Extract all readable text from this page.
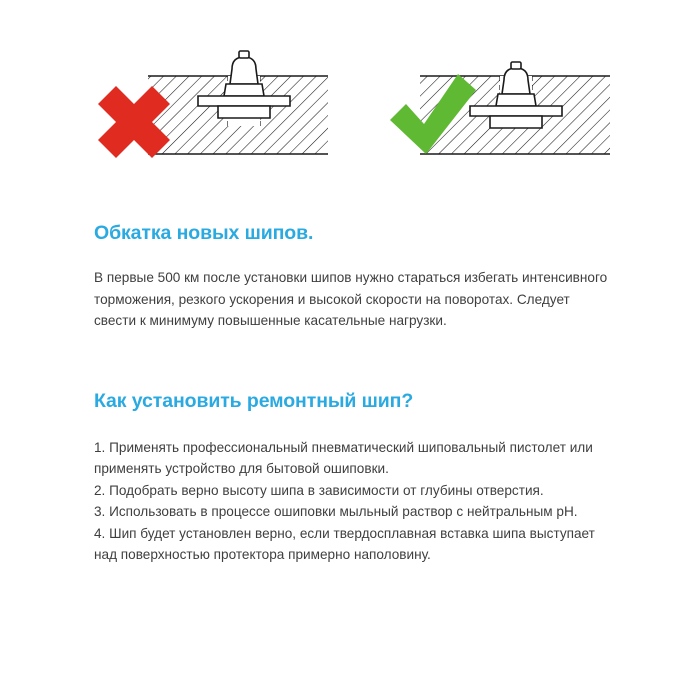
Обкатка новых шипов.

В первые 500 км после установки шипов нужно стараться избегать интенсивного торможения, резкого ускорения и высокой скорости на поворотах. Следует свести к минимуму повышенные касательные нагрузки.

Как установить ремонтный шип?
1. Применять профессиональный пневматический шиповальный пистолет или применять устройство для бытовой ошиповки.
2. Подобрать верно высоту шипа в зависимости от глубины отверстия.
3. Использовать в процессе ошиповки мыльный раствор с нейтральным pH.
4. Шип будет установлен верно, если твердосплавная вставка шипа выступает над поверхностью протектора примерно наполовину.
